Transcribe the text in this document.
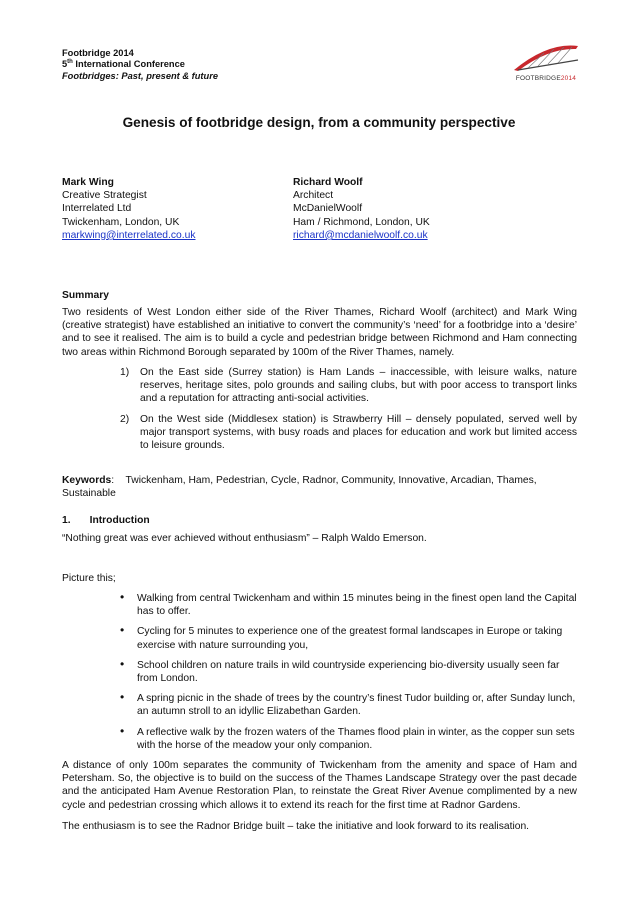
Footbridge 2014
5th International Conference
Footbridges: Past, present & future	FOOTBRIDGE2014
Genesis of footbridge design, from a community perspective
Mark Wing
Creative Strategist
Interrelated Ltd
Twickenham, London, UK
markwing@interrelated.co.uk
Richard Woolf
Architect
McDanielWoolf
Ham / Richmond, London, UK
richard@mcdanielwoolf.co.uk
Summary
Two residents of West London either side of the River Thames, Richard Woolf (architect) and Mark Wing (creative strategist) have established an initiative to convert the community’s ‘need’ for a footbridge into a ‘desire’ and to see it realised. The aim is to build a cycle and pedestrian bridge between Richmond and Ham connecting two areas within Richmond Borough separated by 100m of the River Thames, namely.
1) On the East side (Surrey station) is Ham Lands – inaccessible, with leisure walks, nature reserves, heritage sites, polo grounds and sailing clubs, but with poor access to transport links and a reputation for attracting anti-social activities.
2) On the West side (Middlesex station) is Strawberry Hill – densely populated, served well by major transport systems, with busy roads and places for education and work but limited access to leisure grounds.
Keywords: Twickenham, Ham, Pedestrian, Cycle, Radnor, Community, Innovative, Arcadian, Thames, Sustainable
1. Introduction
“Nothing great was ever achieved without enthusiasm” – Ralph Waldo Emerson.
Picture this;
• Walking from central Twickenham and within 15 minutes being in the finest open land the Capital has to offer.
• Cycling for 5 minutes to experience one of the greatest formal landscapes in Europe or taking exercise with nature surrounding you,
• School children on nature trails in wild countryside experiencing bio-diversity usually seen far from London.
• A spring picnic in the shade of trees by the country’s finest Tudor building or, after Sunday lunch, an autumn stroll to an idyllic Elizabethan Garden.
• A reflective walk by the frozen waters of the Thames flood plain in winter, as the copper sun sets with the horse of the meadow your only companion.
A distance of only 100m separates the community of Twickenham from the amenity and space of Ham and Petersham. So, the objective is to build on the success of the Thames Landscape Strategy over the past decade and the anticipated Ham Avenue Restoration Plan, to reinstate the Great River Avenue complimented by a new cycle and pedestrian crossing which allows it to extend its reach for the first time at Radnor Gardens.
The enthusiasm is to see the Radnor Bridge built – take the initiative and look forward to its realisation.
